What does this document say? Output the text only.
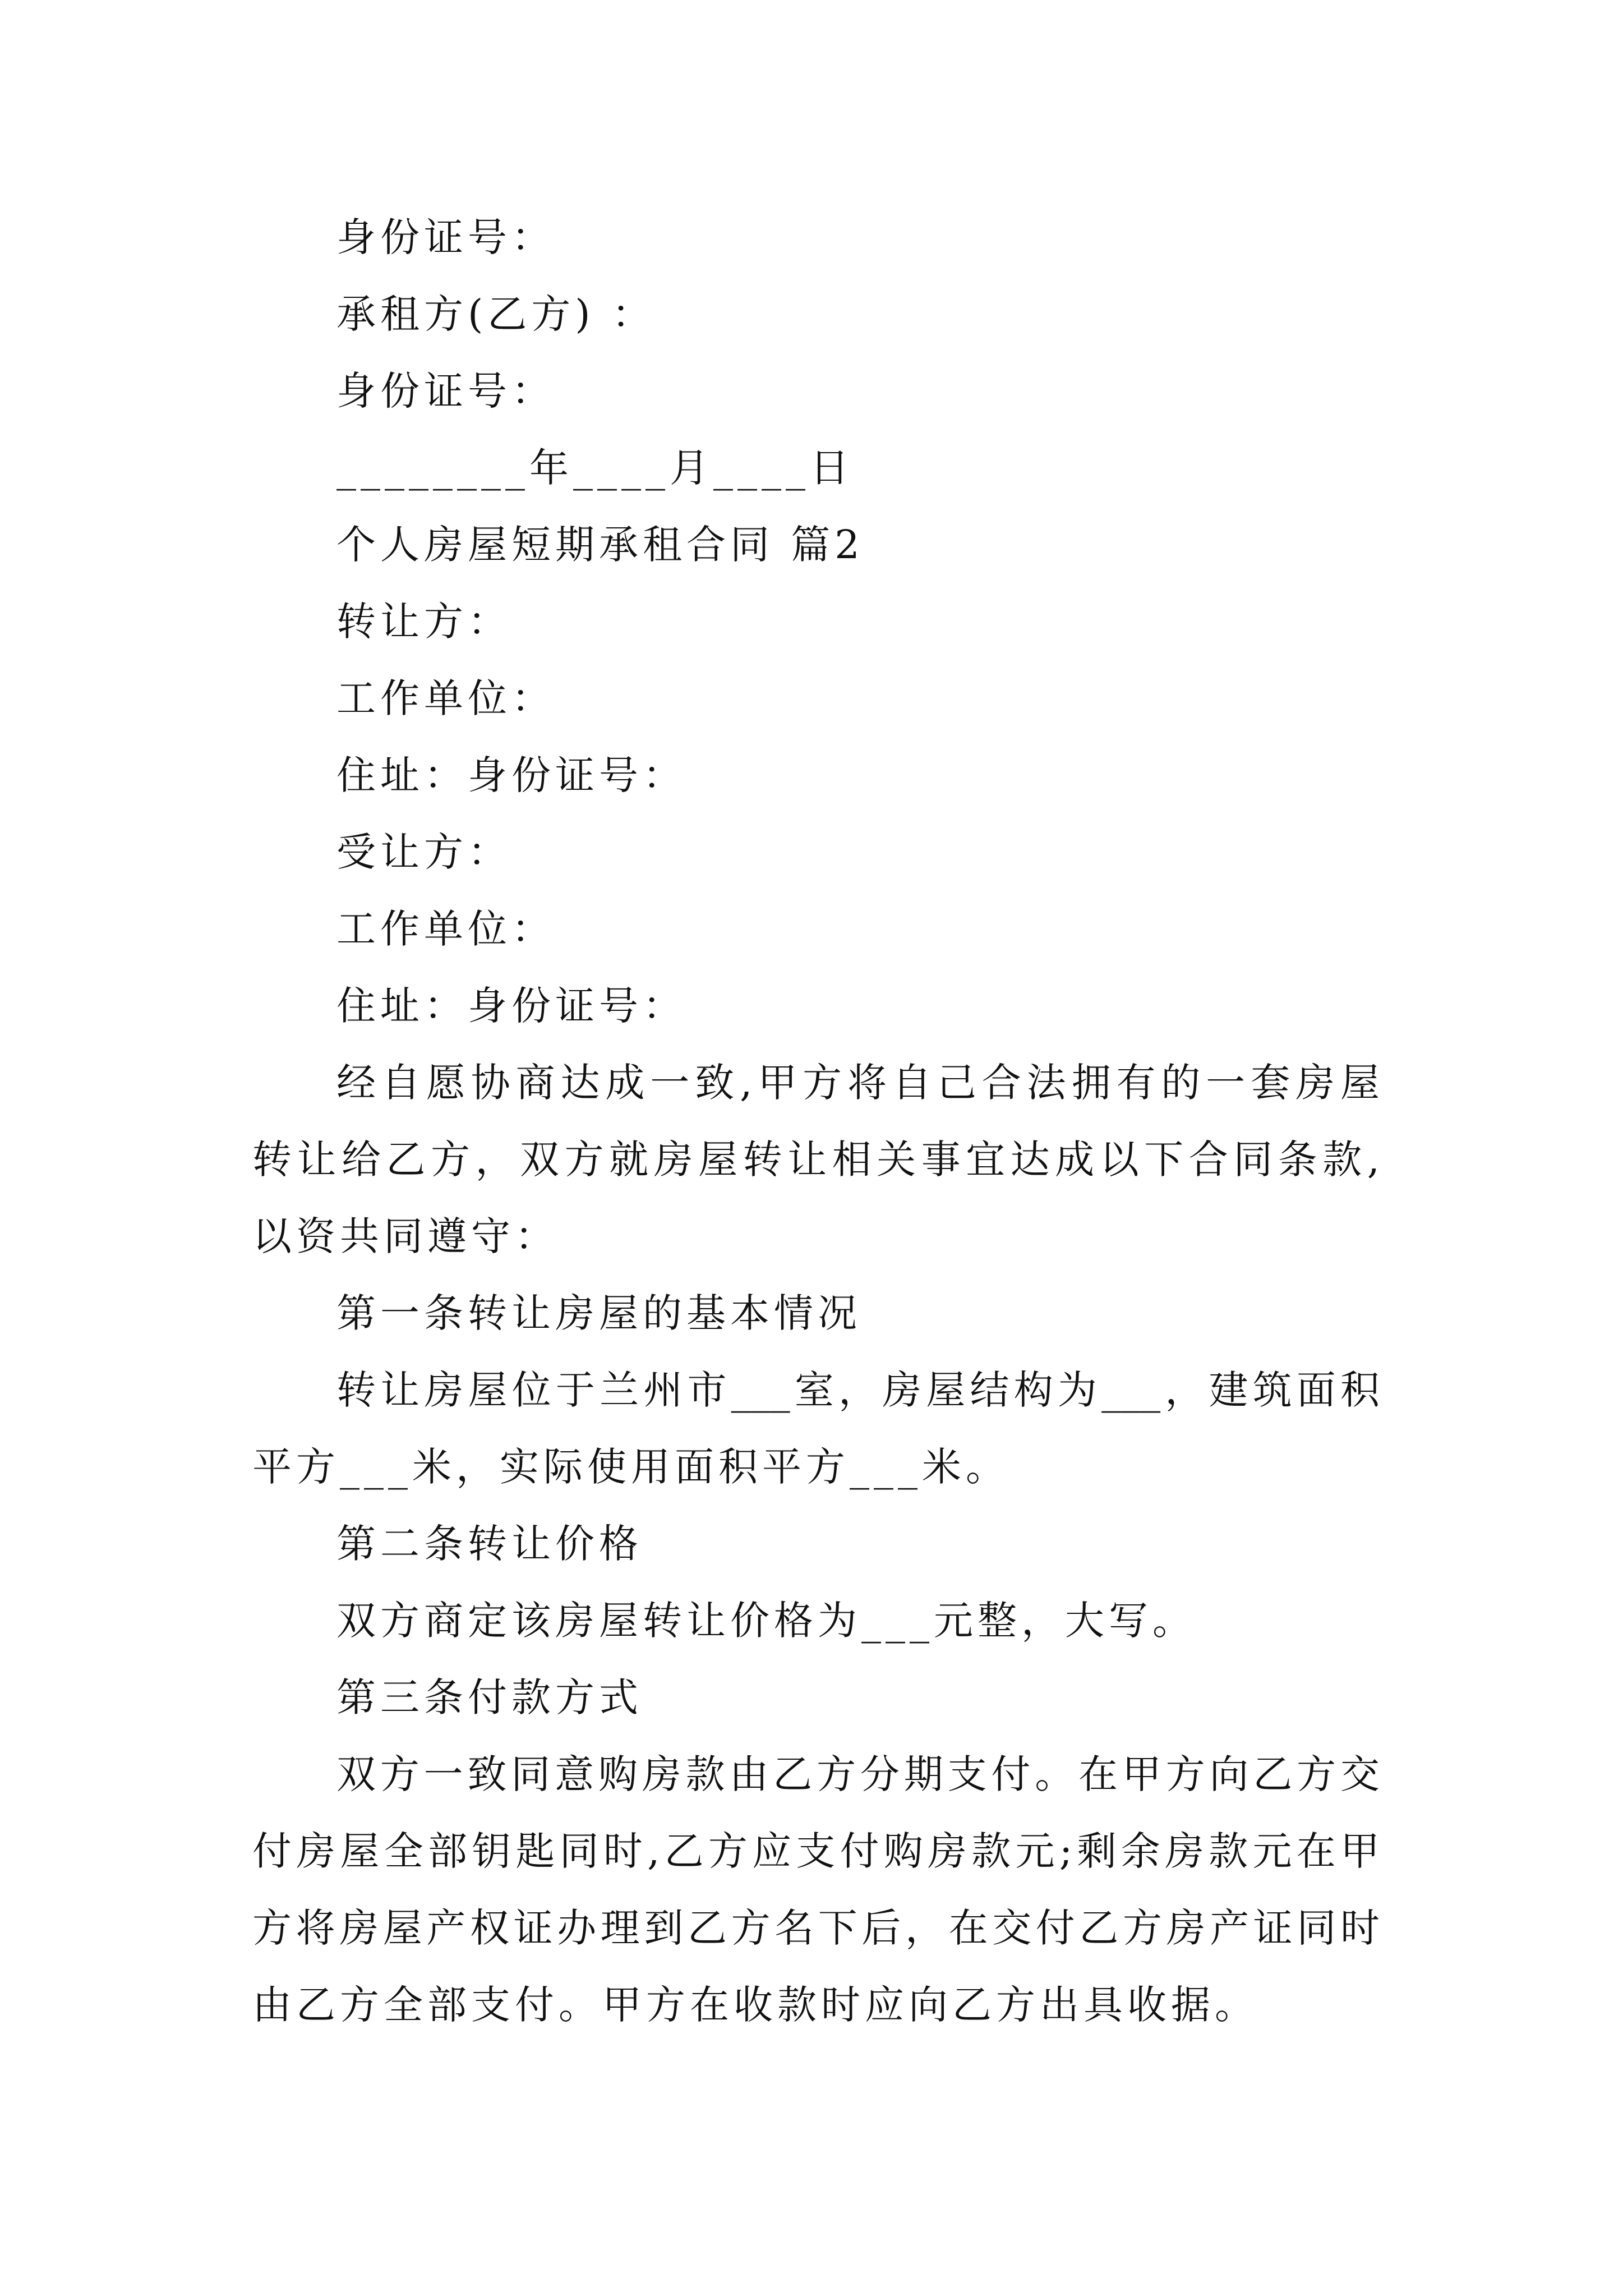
身份证号：
承租方(乙方) ：
身份证号：
________年____月____日
个人房屋短期承租合同 篇2
转让方：
工作单位：
住址：身份证号：
受让方：
工作单位：
住址：身份证号：
经自愿协商达成一致,甲方将自己合法拥有的一套房屋
转让给乙方，双方就房屋转让相关事宜达成以下合同条款,
以资共同遵守：
第一条转让房屋的基本情况
转让房屋位于兰州市___室，房屋结构为___，建筑面积
平方___米，实际使用面积平方___米。
第二条转让价格
双方商定该房屋转让价格为___元整，大写。
第三条付款方式
双方一致同意购房款由乙方分期支付。在甲方向乙方交
付房屋全部钥匙同时,乙方应支付购房款元;剩余房款元在甲
方将房屋产权证办理到乙方名下后，在交付乙方房产证同时
由乙方全部支付。甲方在收款时应向乙方出具收据。
